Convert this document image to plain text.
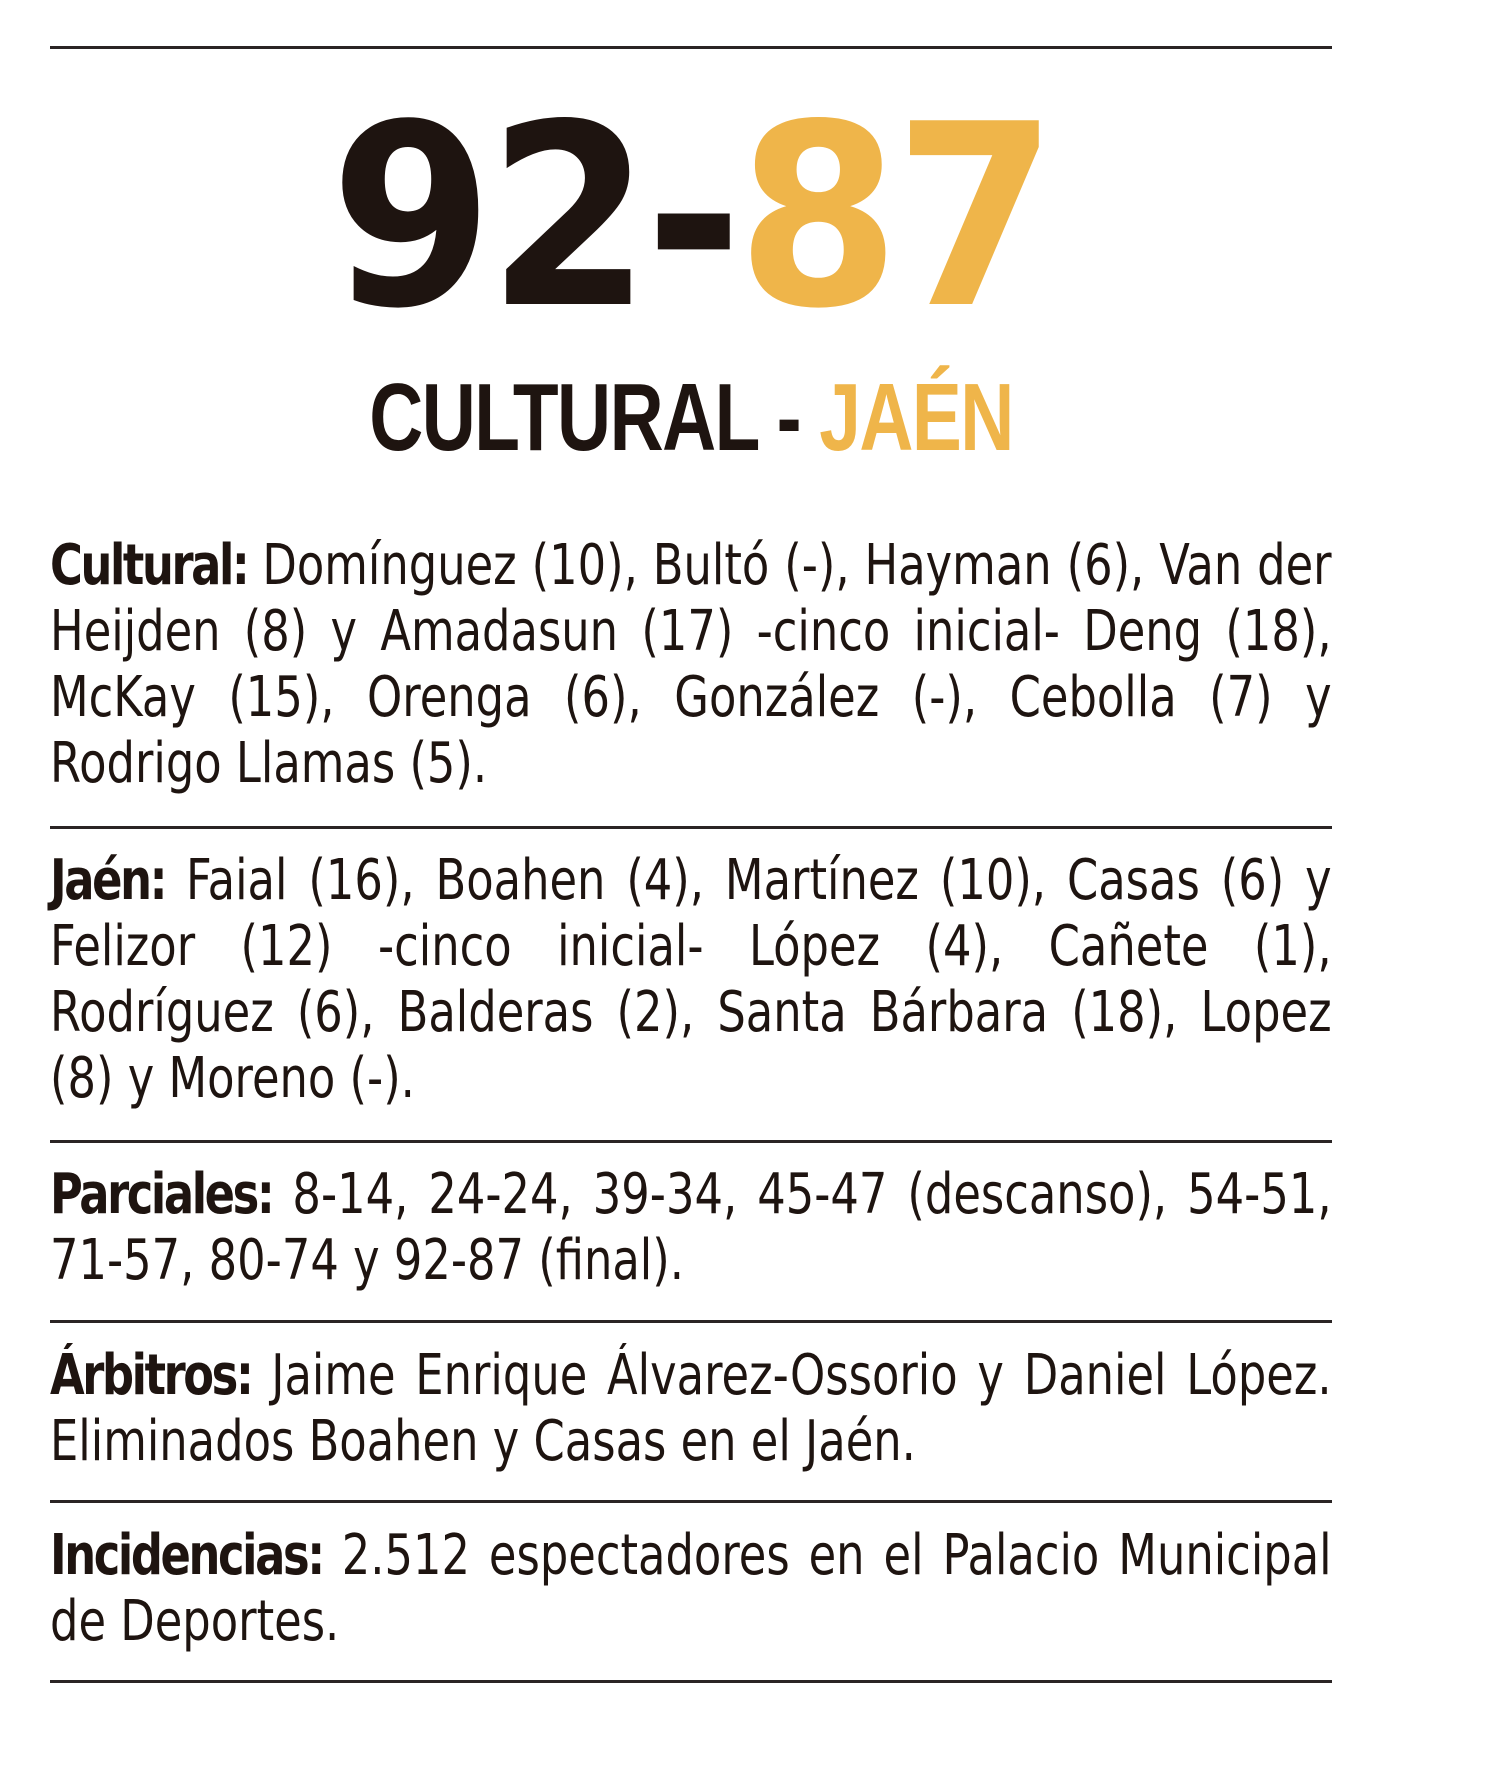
92-87
CULTURAL - JAÉN

Cultural: Domínguez (10), Bultó (-), Hayman (6), Van der Heijden (8) y Amadasun (17) -cinco inicial- Deng (18), McKay (15), Orenga (6), González (-), Cebolla (7) y Rodrigo Llamas (5).

Jaén: Faial (16), Boahen (4), Martínez (10), Casas (6) y Felizor (12) -cinco inicial- López (4), Cañete (1), Rodríguez (6), Balderas (2), Santa Bárbara (18), Lopez (8) y Moreno (-).

Parciales: 8-14, 24-24, 39-34, 45-47 (descanso), 54-51, 71-57, 80-74 y 92-87 (final).

Árbitros: Jaime Enrique Álvarez-Ossorio y Daniel López. Eliminados Boahen y Casas en el Jaén.

Incidencias: 2.512 espectadores en el Palacio Municipal de Deportes.
